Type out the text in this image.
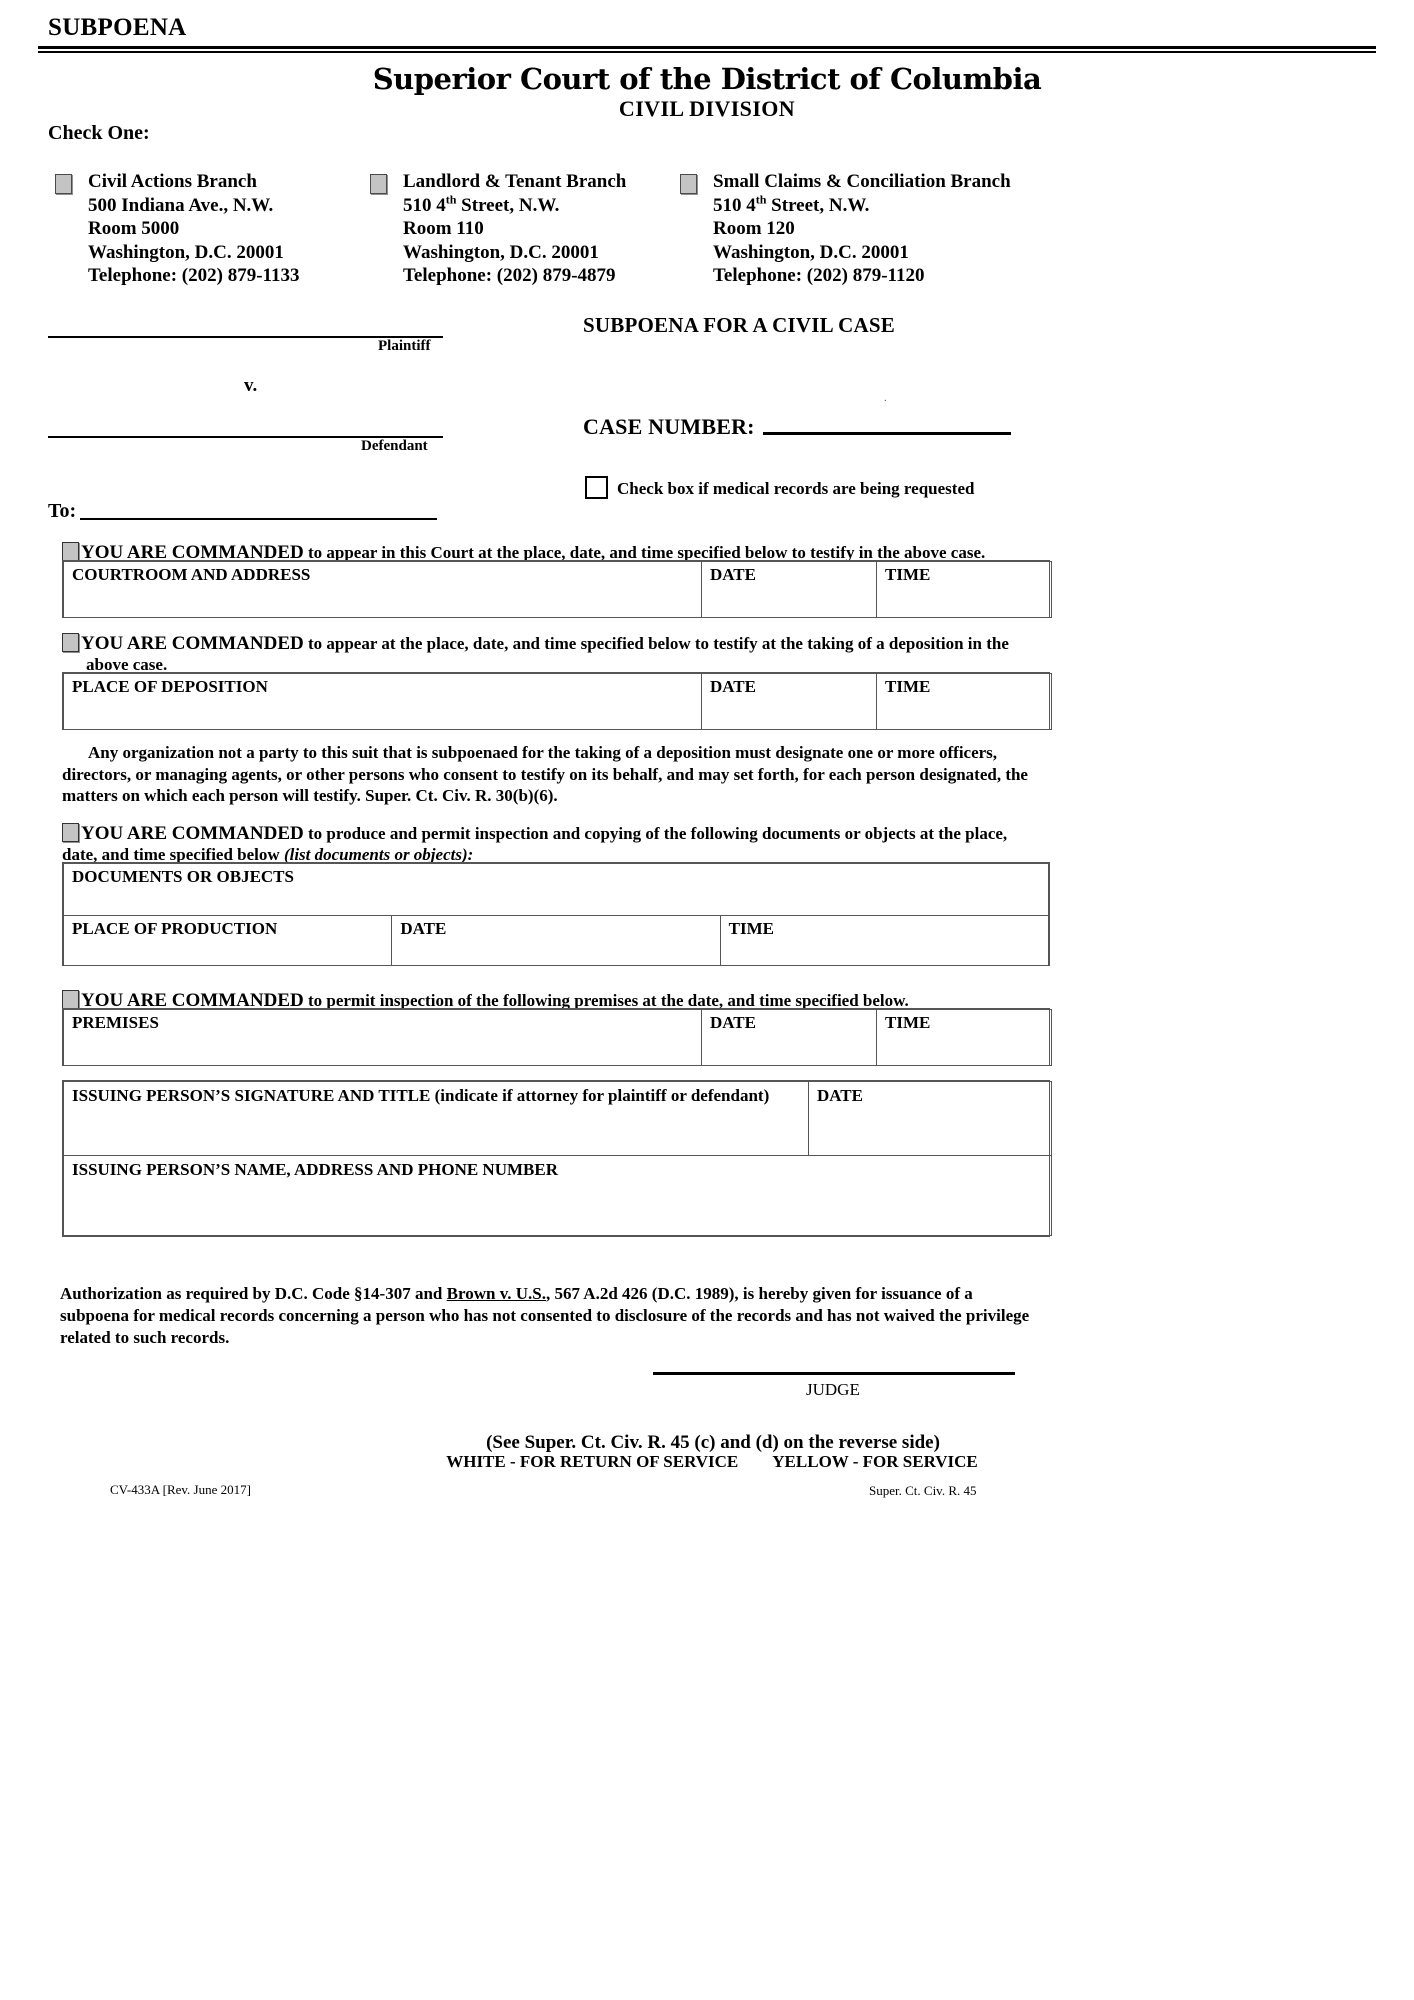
SUBPOENA
Superior Court of the District of Columbia
CIVIL DIVISION
Check One:
Civil Actions Branch
500 Indiana Ave., N.W.
Room 5000
Washington, D.C. 20001
Telephone: (202) 879-1133
Landlord & Tenant Branch
510 4th Street, N.W.
Room 110
Washington, D.C. 20001
Telephone: (202) 879-4879
Small Claims & Conciliation Branch
510 4th Street, N.W.
Room 120
Washington, D.C. 20001
Telephone: (202) 879-1120
Plaintiff
v.
Defendant
SUBPOENA FOR A CIVIL CASE
.
CASE NUMBER:
Check box if medical records are being requested
To:
YOU ARE COMMANDED to appear in this Court at the place, date, and time specified below to testify in the above case.
COURTROOM AND ADDRESS	DATE	TIME
YOU ARE COMMANDED to appear at the place, date, and time specified below to testify at the taking of a deposition in the
above case.
PLACE OF DEPOSITION	DATE	TIME
Any organization not a party to this suit that is subpoenaed for the taking of a deposition must designate one or more officers, directors, or managing agents, or other persons who consent to testify on its behalf, and may set forth, for each person designated, the matters on which each person will testify. Super. Ct. Civ. R. 30(b)(6).
YOU ARE COMMANDED to produce and permit inspection and copying of the following documents or objects at the place,
date, and time specified below (list documents or objects):
DOCUMENTS OR OBJECTS
PLACE OF PRODUCTION	DATE	TIME
YOU ARE COMMANDED to permit inspection of the following premises at the date, and time specified below.
PREMISES	DATE	TIME
ISSUING PERSON’S SIGNATURE AND TITLE (indicate if attorney for plaintiff or defendant)	DATE
ISSUING PERSON’S NAME, ADDRESS AND PHONE NUMBER
Authorization as required by D.C. Code §14-307 and Brown v. U.S., 567 A.2d 426 (D.C. 1989), is hereby given for issuance of a
subpoena for medical records concerning a person who has not consented to disclosure of the records and has not waived the privilege
related to such records.
JUDGE
(See Super. Ct. Civ. R. 45 (c) and (d) on the reverse side)
WHITE - FOR RETURN OF SERVICE YELLOW - FOR SERVICE
CV-433A [Rev. June 2017]	Super. Ct. Civ. R. 45
